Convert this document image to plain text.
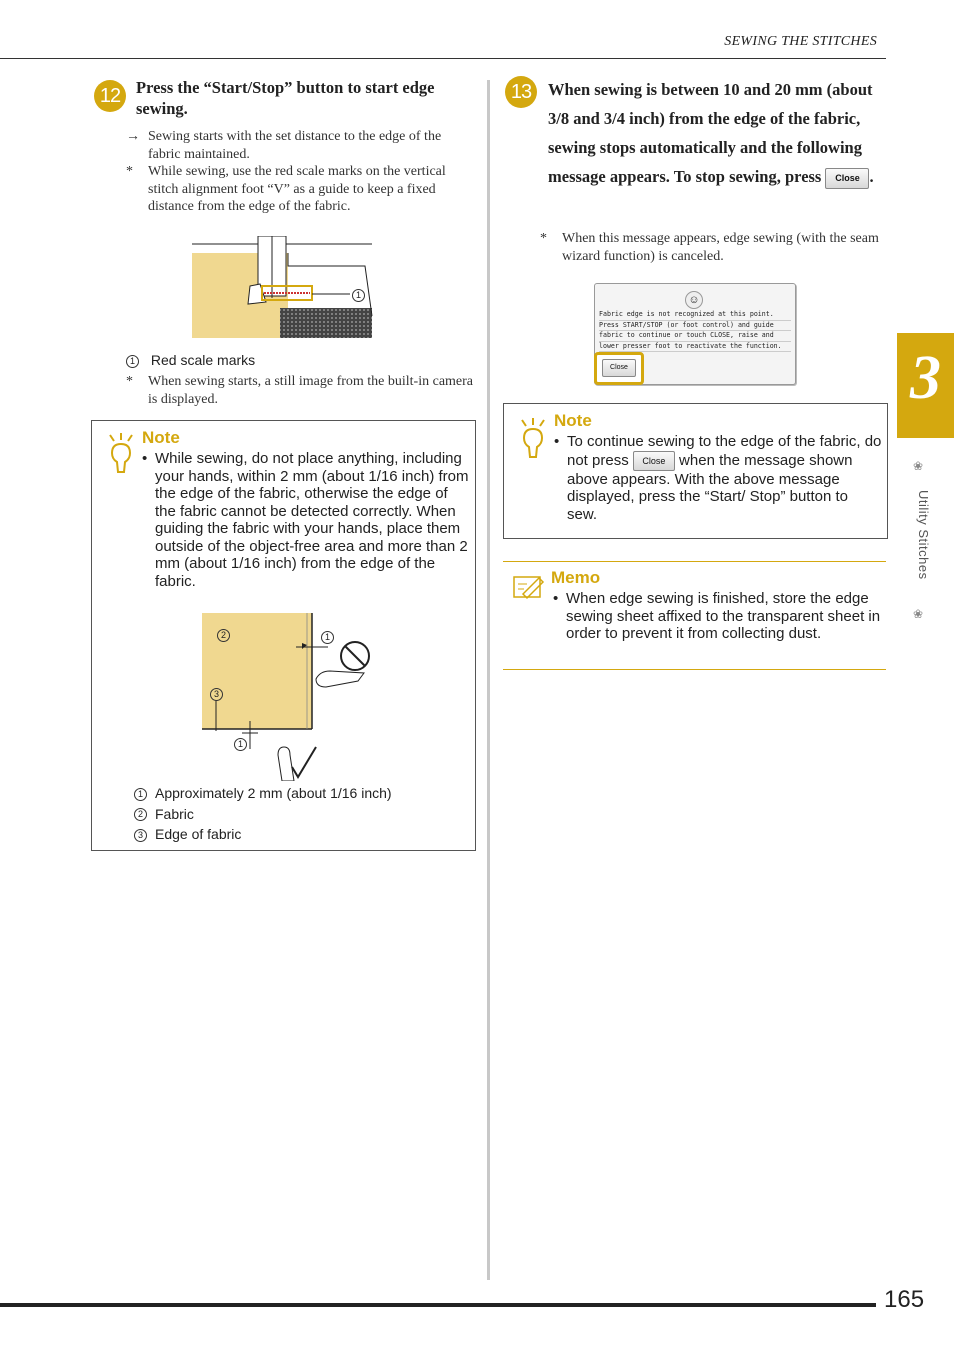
SEWING THE STITCHES
3
❀
Utility Stitches
❀
12 Press the “Start/Stop” button to start edge sewing.
→ Sewing starts with the set distance to the edge of the fabric maintained.
*	While sewing, use the red scale marks on the vertical stitch alignment foot “V” as a guide to keep a fixed distance from the edge of the fabric.
1
1 Red scale marks
*	When sewing starts, a still image from the built-in camera is displayed.
Note
• While sewing, do not place anything, including your hands, within 2 mm (about 1/16 inch) from the edge of the fabric, otherwise the edge of the fabric cannot be detected correctly. When guiding the fabric with your hands, place them outside of the object-free area and more than 2 mm (about 1/16 inch) from the edge of the fabric.
2	1
3
1
1 Approximately 2 mm (about 1/16 inch)
2 Fabric
3 Edge of fabric
13	When sewing is between 10 and 20 mm (about 3/8 and 3/4 inch) from the edge of the fabric, sewing stops automatically and the following message appears. To stop sewing, press Close .
*	When this message appears, edge sewing (with the seam wizard function) is canceled.
☺
Fabric edge is not recognized at this point.
Press START/STOP (or foot control) and guide
fabric to continue or touch CLOSE, raise and
lower presser foot to reactivate the function.
Close
Note
• To continue sewing to the edge of the fabric, do not press Close when the message shown above appears. With the above message displayed, press the “Start/ Stop” button to sew.
Memo
• When edge sewing is finished, store the edge sewing sheet affixed to the transparent sheet in order to prevent it from collecting dust.
165
